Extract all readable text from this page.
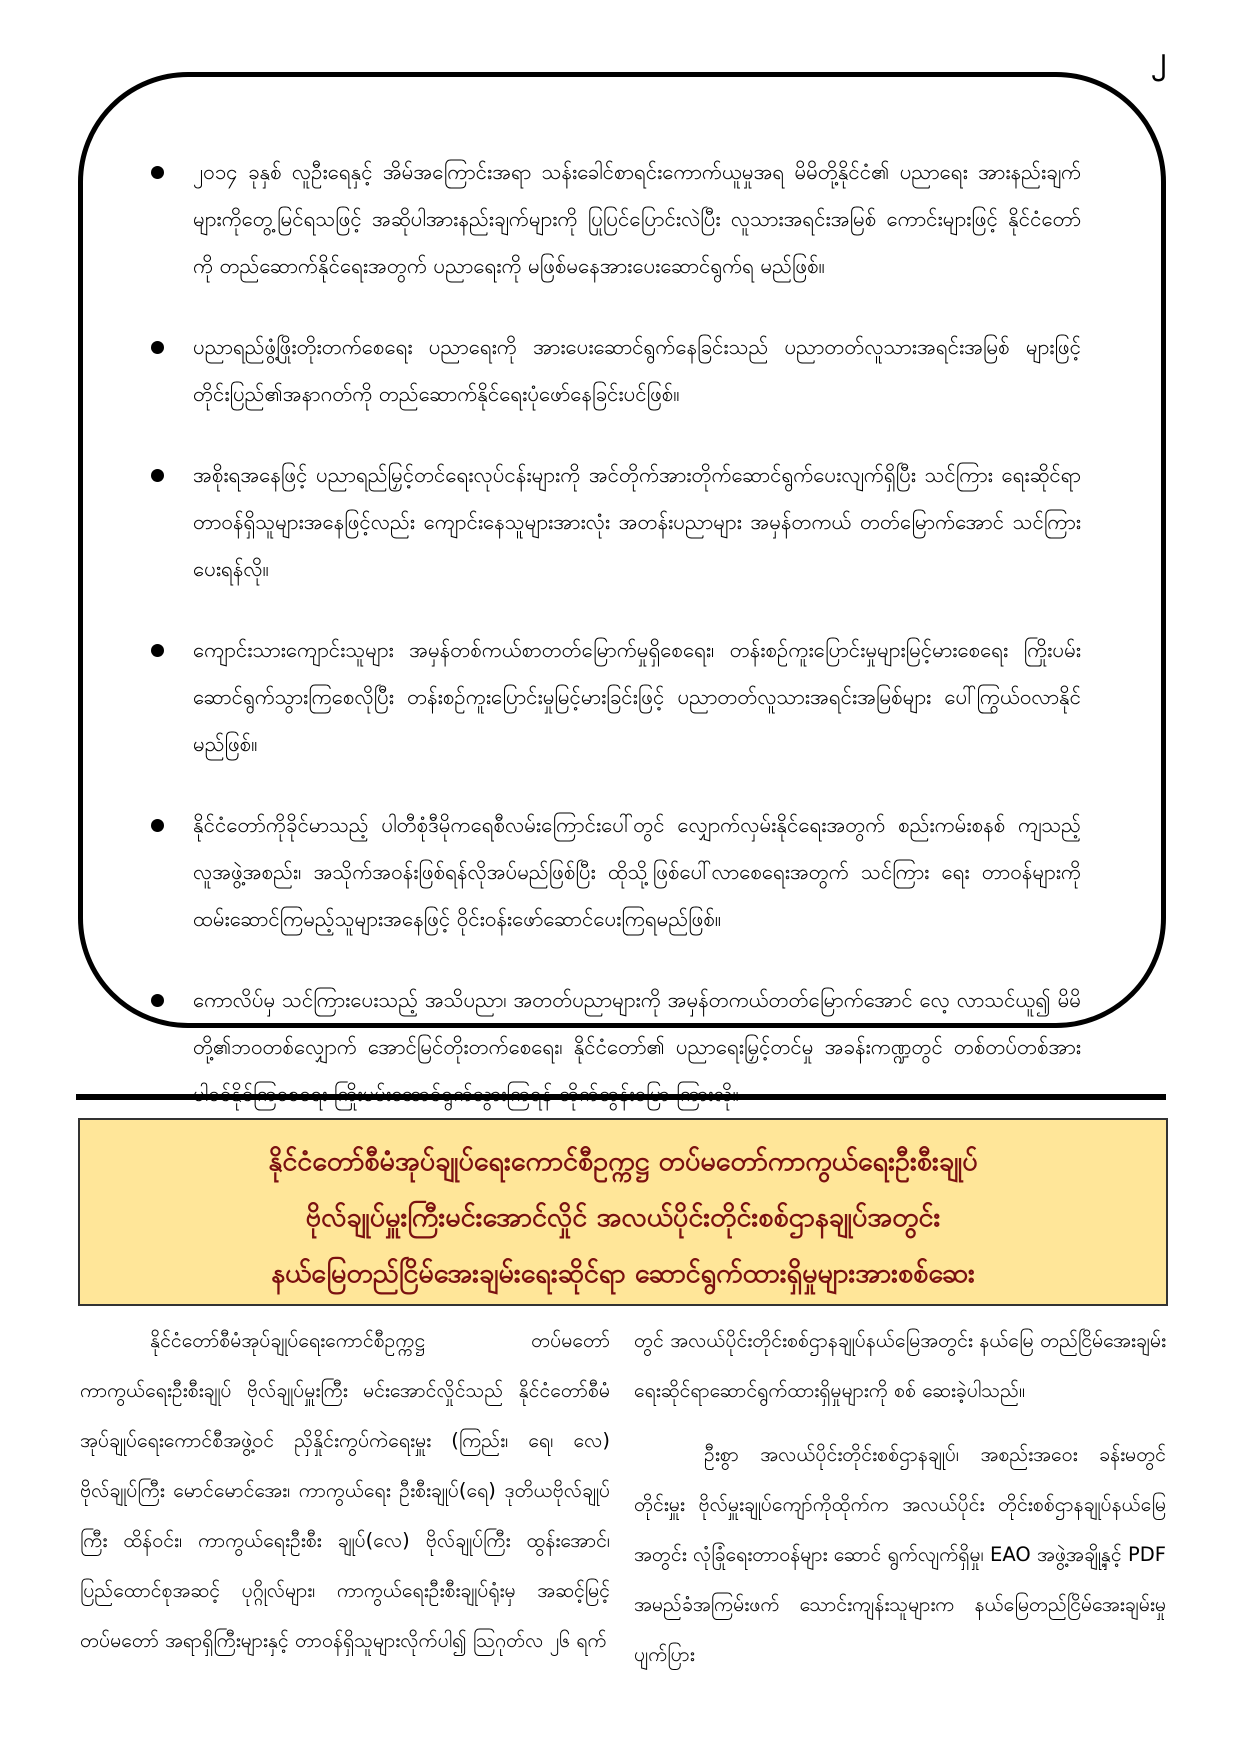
၂
၂၀၁၄ ခုနှစ် လူဦးရေနှင့် အိမ်အကြောင်းအရာ သန်းခေါင်စာရင်းကောက်ယူမှုအရ မိမိတို့နိုင်ငံ၏ ပညာရေး အားနည်းချက်များကိုတွေ့မြင်ရသဖြင့် အဆိုပါအားနည်းချက်များကို ပြုပြင်ပြောင်းလဲပြီး လူသားအရင်းအမြစ် ကောင်းများဖြင့် နိုင်ငံတော်ကို တည်ဆောက်နိုင်ရေးအတွက် ပညာရေးကို မဖြစ်မနေအားပေးဆောင်ရွက်ရ မည်ဖြစ်။
ပညာရည်ဖွံ့ဖြိုးတိုးတက်စေရေး ပညာရေးကို အားပေးဆောင်ရွက်နေခြင်းသည် ပညာတတ်လူသားအရင်းအမြစ် များဖြင့် တိုင်းပြည်၏အနာဂတ်ကို တည်ဆောက်နိုင်ရေးပုံဖော်နေခြင်းပင်ဖြစ်။
အစိုးရအနေဖြင့် ပညာရည်မြှင့်တင်ရေးလုပ်ငန်းများကို အင်တိုက်အားတိုက်ဆောင်ရွက်ပေးလျက်ရှိပြီး သင်ကြား ရေးဆိုင်ရာတာဝန်ရှိသူများအနေဖြင့်လည်း ကျောင်းနေသူများအားလုံး အတန်းပညာများ အမှန်တကယ် တတ်မြောက်အောင် သင်ကြားပေးရန်လို။
ကျောင်းသားကျောင်းသူများ အမှန်တစ်ကယ်စာတတ်မြောက်မှုရှိစေရေး၊ တန်းစဉ်ကူးပြောင်းမှုများမြင့်မားစေရေး ကြိုးပမ်းဆောင်ရွက်သွားကြစေလိုပြီး တန်းစဉ်ကူးပြောင်းမှုမြင့်မားခြင်းဖြင့် ပညာတတ်လူသားအရင်းအမြစ်များ ပေါ်ကြွယ်ဝလာနိုင်မည်ဖြစ်။
နိုင်ငံတော်ကိုခိုင်မာသည့် ပါတီစုံဒီမိုကရေစီလမ်းကြောင်းပေါ်တွင် လျှောက်လှမ်းနိုင်ရေးအတွက် စည်းကမ်းစနစ် ကျသည့် လူအဖွဲ့အစည်း၊ အသိုက်အဝန်းဖြစ်ရန်လိုအပ်မည်ဖြစ်ပြီး ထိုသို့ဖြစ်ပေါ်လာစေရေးအတွက် သင်ကြား ရေး တာဝန်များကို ထမ်းဆောင်ကြမည့်သူများအနေဖြင့် ဝိုင်းဝန်းဖော်ဆောင်ပေးကြရမည်ဖြစ်။
ကောလိပ်မှ သင်ကြားပေးသည့် အသိပညာ၊ အတတ်ပညာများကို အမှန်တကယ်တတ်မြောက်အောင် လေ့ လာသင်ယူ၍ မိမိတို့၏ဘဝတစ်လျှောက် အောင်မြင်တိုးတက်စေရေး၊ နိုင်ငံတော်၏ ပညာရေးမြှင့်တင်မှု အခန်းကဏ္ဍတွင် တစ်တပ်တစ်အား
နိုင်ငံတော်စီမံအုပ်ချုပ်ရေးကောင်စီဥက္ကဋ္ဌ တပ်မတော်ကာကွယ်ရေးဦးစီးချုပ်
ဗိုလ်ချုပ်မှူးကြီးမင်းအောင်လှိုင် အလယ်ပိုင်းတိုင်းစစ်ဌာနချုပ်အတွင်း
နယ်မြေတည်ငြိမ်အေးချမ်းရေးဆိုင်ရာ ဆောင်ရွက်ထားရှိမှုများအားစစ်ဆေး

နိုင်ငံတော်စီမံအုပ်ချုပ်ရေးကောင်စီဥက္ကဋ္ဌ တပ်မတော် ကာကွယ်ရေးဦးစီးချုပ် ဗိုလ်ချုပ်မှူးကြီး မင်းအောင်လှိုင်သည် နိုင်ငံတော်စီမံအုပ်ချုပ်ရေးကောင်စီအဖွဲ့ဝင် ညှိနှိုင်းကွပ်ကဲရေးမှူး (ကြည်း၊ ရေ၊ လေ) ဗိုလ်ချုပ်ကြီး မောင်မောင်အေး၊ ကာကွယ်ရေး ဦးစီးချုပ်(ရေ) ဒုတိယဗိုလ်ချုပ်ကြီး ထိန်ဝင်း၊ ကာကွယ်ရေးဦးစီး ချုပ်(လေ) ဗိုလ်ချုပ်ကြီး ထွန်းအောင်၊ ပြည်ထောင်စုအဆင့် ပုဂ္ဂိုလ်များ၊ ကာကွယ်ရေးဦးစီးချုပ်ရုံးမှ အဆင့်မြင့်တပ်မတော် အရာရှိကြီးများနှင့် တာဝန်ရှိသူများလိုက်ပါ၍ ဩဂုတ်လ ၂၆ ရက်

တွင် အလယ်ပိုင်းတိုင်းစစ်ဌာနချုပ်နယ်မြေအတွင်း နယ်မြေ တည်ငြိမ်အေးချမ်းရေးဆိုင်ရာဆောင်ရွက်ထားရှိမှုများကို စစ် ဆေးခဲ့ပါသည်။

ဦးစွာ အလယ်ပိုင်းတိုင်းစစ်ဌာနချုပ်၊ အစည်းအဝေး ခန်းမတွင် တိုင်းမှူး ဗိုလ်မှူးချုပ်ကျော်ကိုထိုက်က အလယ်ပိုင်း တိုင်းစစ်ဌာနချုပ်နယ်မြေအတွင်း လုံခြုံရေးတာဝန်များ ဆောင် ရွက်လျက်ရှိမှု၊ EAO အဖွဲ့အချို့နှင့် PDF အမည်ခံအကြမ်းဖက် သောင်းကျန်းသူများက နယ်မြေတည်ငြိမ်အေးချမ်းမှု ပျက်ပြား
